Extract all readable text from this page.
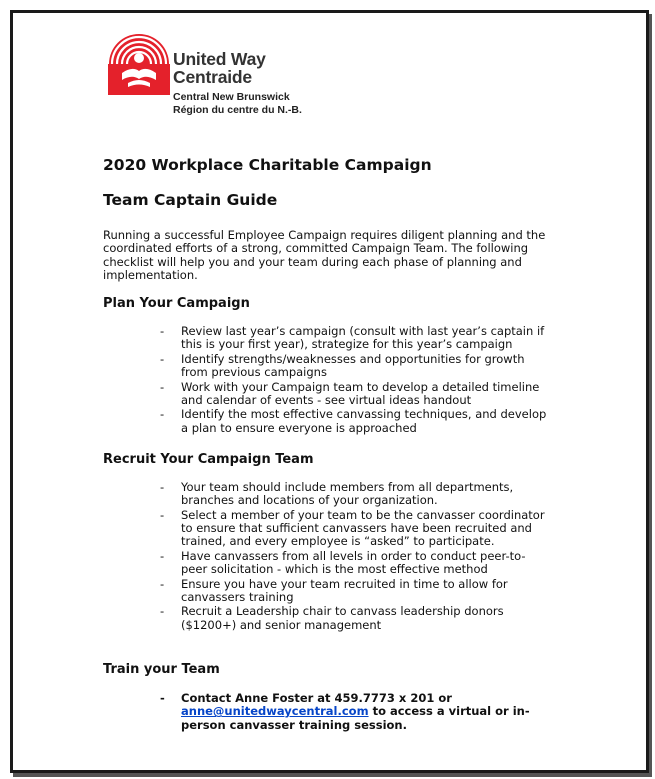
United Way
Centraide
Central New Brunswick
Région du centre du N.-B.
2020 Workplace Charitable Campaign
Team Captain Guide

Running a successful Employee Campaign requires diligent planning and the coordinated efforts of a strong, committed Campaign Team. The following checklist will help you and your team during each phase of planning and implementation.

Plan Your Campaign
- Review last year’s campaign (consult with last year’s captain if this is your first year), strategize for this year’s campaign
- Identify strengths/weaknesses and opportunities for growth from previous campaigns
- Work with your Campaign team to develop a detailed timeline and calendar of events - see virtual ideas handout
- Identify the most effective canvassing techniques, and develop a plan to ensure everyone is approached
Recruit Your Campaign Team
- Your team should include members from all departments, branches and locations of your organization.
- Select a member of your team to be the canvasser coordinator to ensure that sufficient canvassers have been recruited and trained, and every employee is “asked” to participate.
- Have canvassers from all levels in order to conduct peer-to-peer solicitation - which is the most effective method
- Ensure you have your team recruited in time to allow for canvassers training
- Recruit a Leadership chair to canvass leadership donors ($1200+) and senior management
Train your Team
- Contact Anne Foster at 459.7773 x 201 or anne@unitedwaycentral.com to access a virtual or in-person canvasser training session.
